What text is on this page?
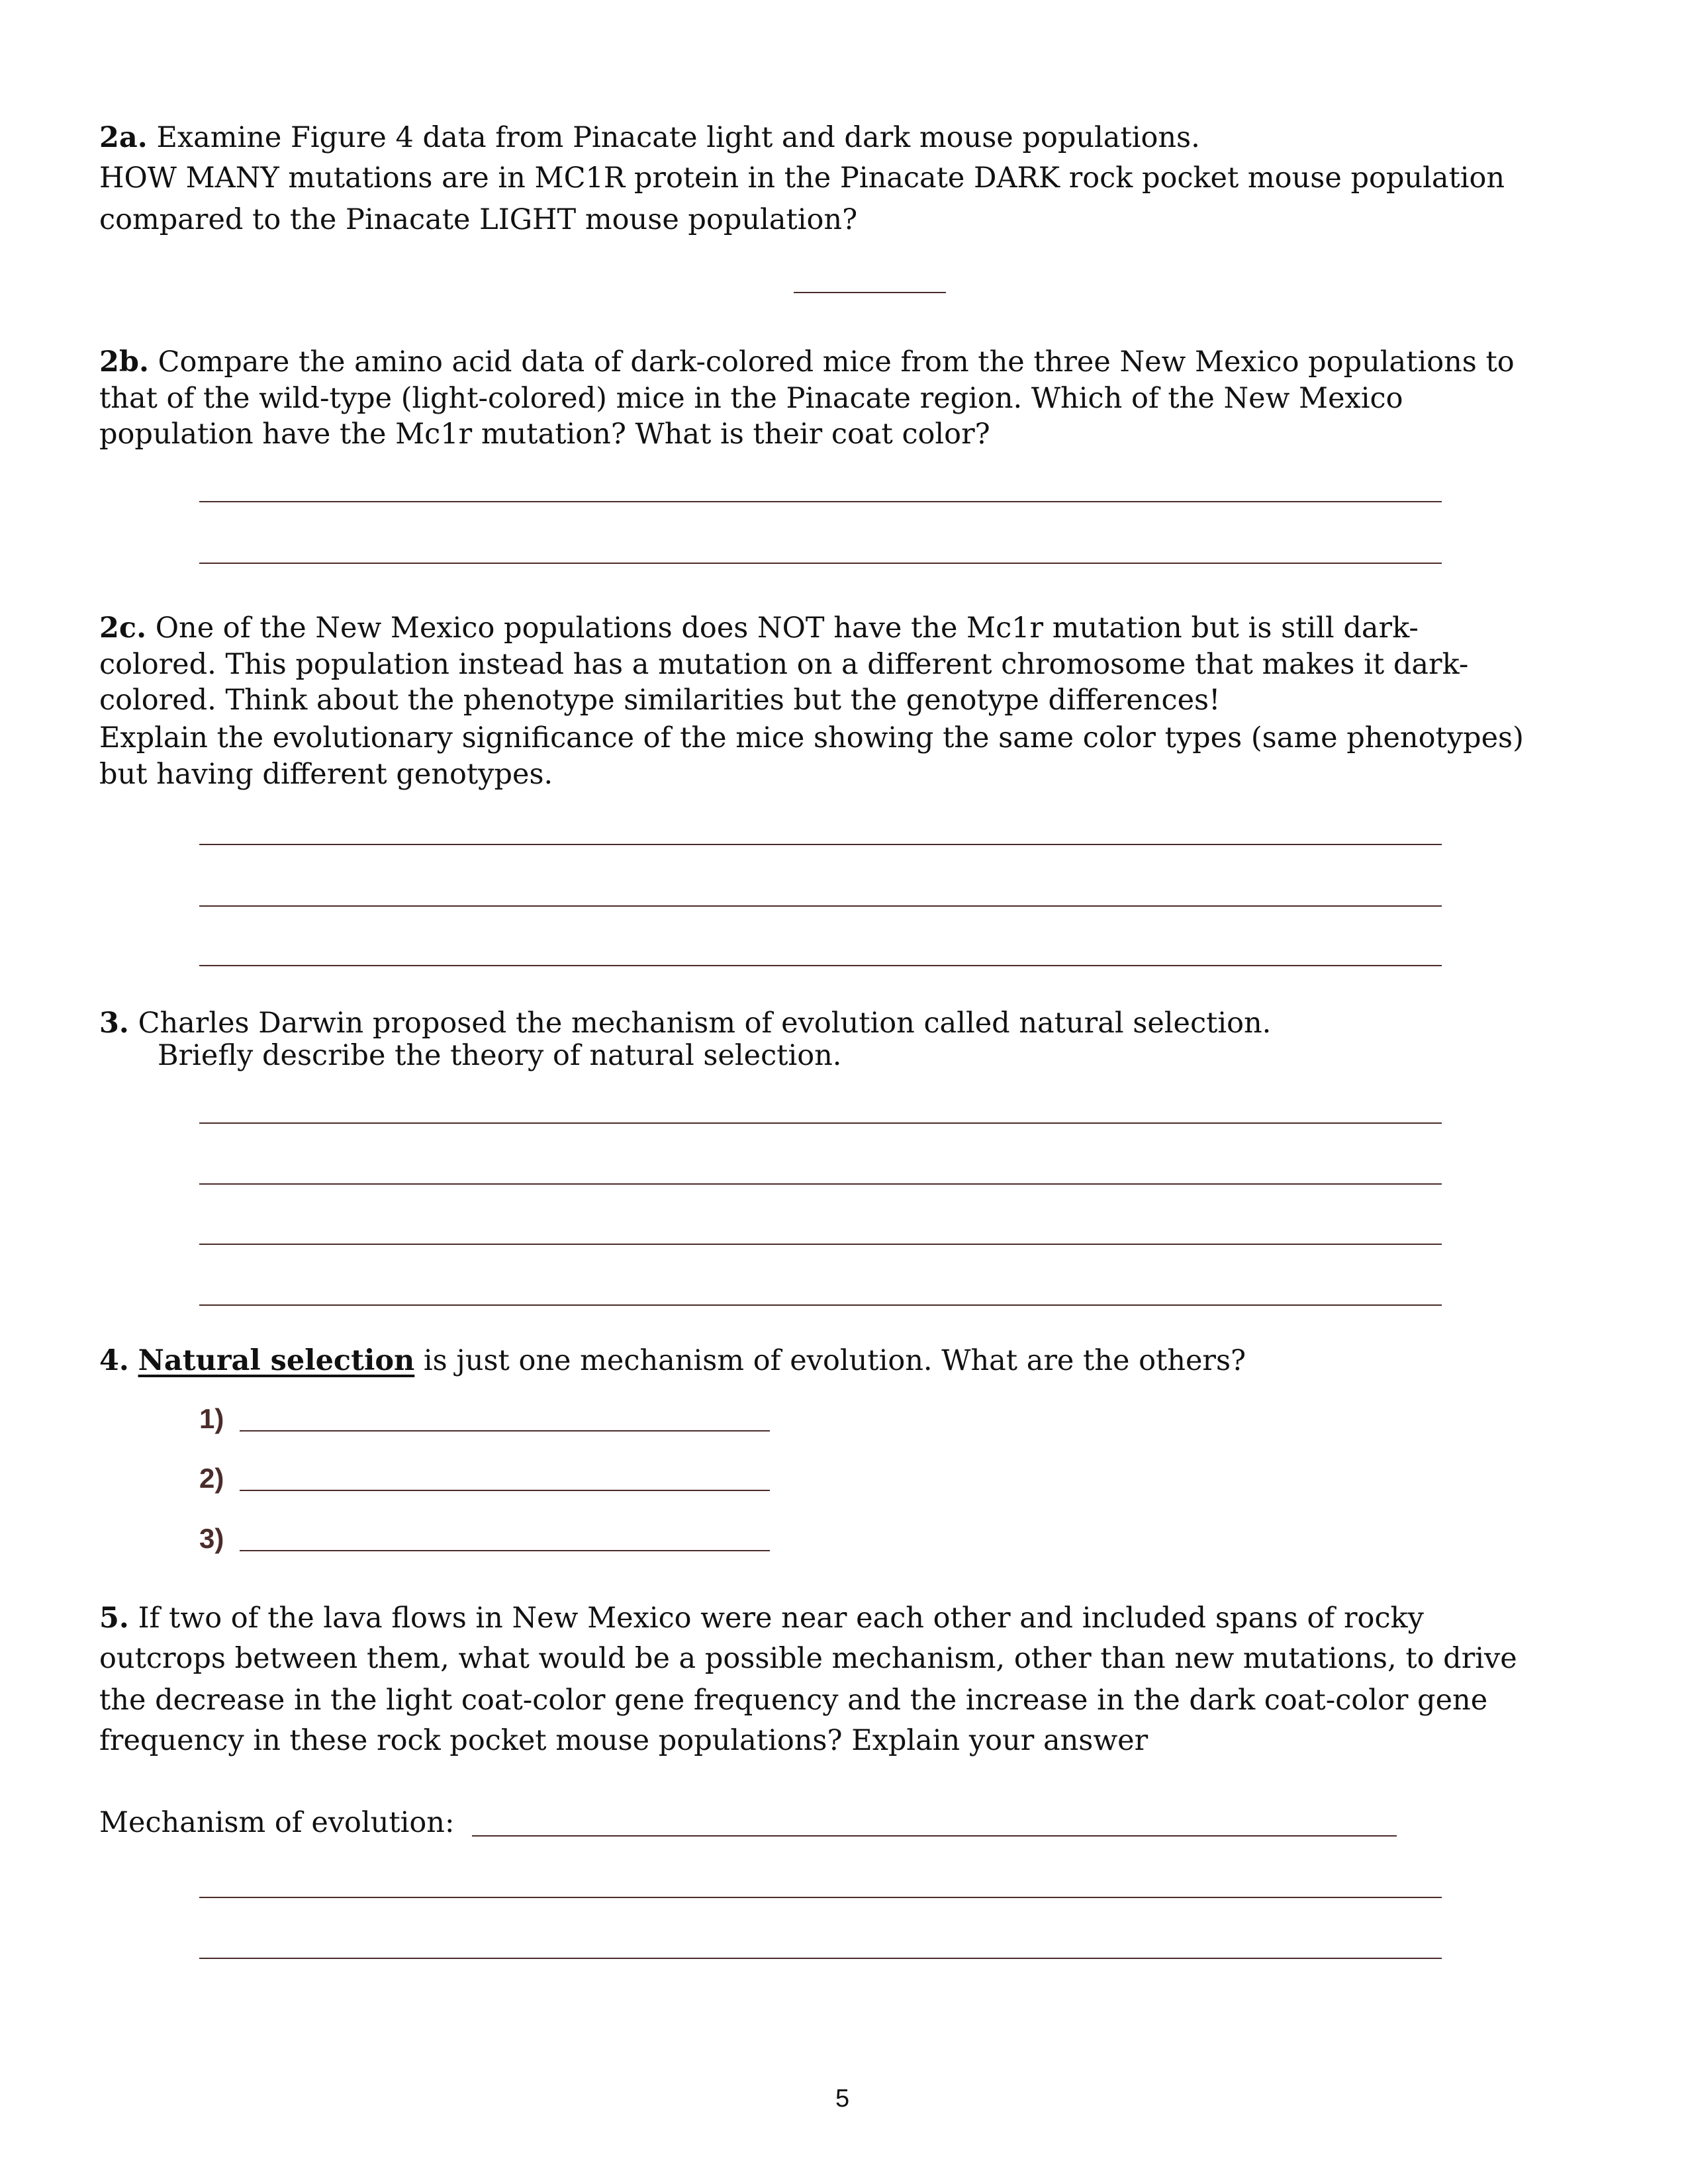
2a. Examine Figure 4 data from Pinacate light and dark mouse populations.
HOW MANY mutations are in MC1R protein in the Pinacate DARK rock pocket mouse population
compared to the Pinacate LIGHT mouse population?
2b. Compare the amino acid data of dark-colored mice from the three New Mexico populations to
that of the wild-type (light-colored) mice in the Pinacate region. Which of the New Mexico
population have the Mc1r mutation? What is their coat color?
2c. One of the New Mexico populations does NOT have the Mc1r mutation but is still dark-
colored. This population instead has a mutation on a different chromosome that makes it dark-
colored. Think about the phenotype similarities but the genotype differences!
Explain the evolutionary significance of the mice showing the same color types (same phenotypes)
but having different genotypes.
3. Charles Darwin proposed the mechanism of evolution called natural selection.
Briefly describe the theory of natural selection.
4. Natural selection is just one mechanism of evolution. What are the others?
1)
2)
3)
5. If two of the lava flows in New Mexico were near each other and included spans of rocky
outcrops between them, what would be a possible mechanism, other than new mutations, to drive
the decrease in the light coat-color gene frequency and the increase in the dark coat-color gene
frequency in these rock pocket mouse populations? Explain your answer
Mechanism of evolution:
5
